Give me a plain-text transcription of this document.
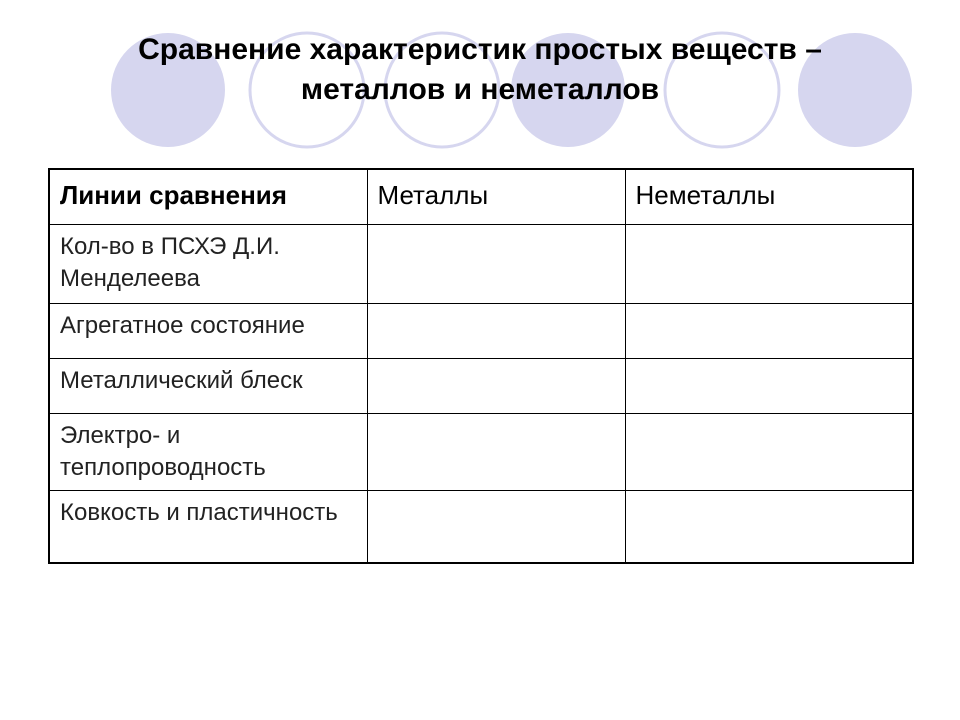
Сравнение характеристик простых веществ –
металлов и неметаллов
Линии сравнения	Металлы	Неметаллы
Кол-во в ПСХЭ Д.И. Менделеева		
Агрегатное состояние		
Металлический блеск		
Электро- и теплопроводность		
Ковкость и пластичность		
